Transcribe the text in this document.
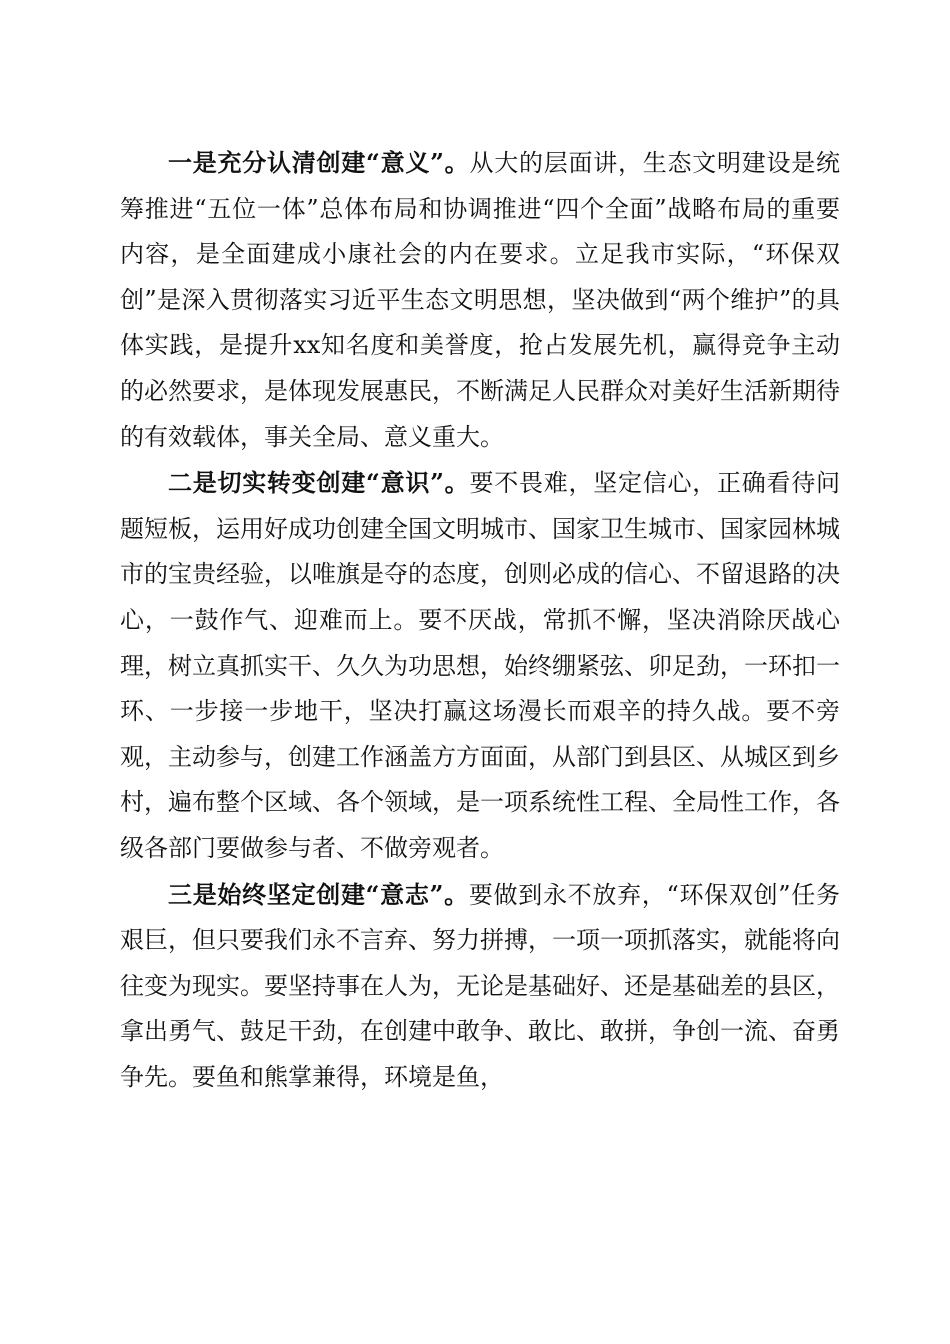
一是充分认清创建“意义”。从大的层面讲，生态文明建设是统筹推进“五位一体”总体布局和协调推进“四个全面”战略布局的重要内容，是全面建成小康社会的内在要求。立足我市实际，“环保双创”是深入贯彻落实习近平生态文明思想，坚决做到“两个维护”的具体实践，是提升xx知名度和美誉度，抢占发展先机，赢得竞争主动的必然要求，是体现发展惠民，不断满足人民群众对美好生活新期待的有效载体，事关全局、意义重大。

二是切实转变创建“意识”。要不畏难，坚定信心，正确看待问题短板，运用好成功创建全国文明城市、国家卫生城市、国家园林城市的宝贵经验，以唯旗是夺的态度，创则必成的信心、不留退路的决心，一鼓作气、迎难而上。要不厌战，常抓不懈，坚决消除厌战心理，树立真抓实干、久久为功思想，始终绷紧弦、卯足劲，一环扣一环、一步接一步地干，坚决打赢这场漫长而艰辛的持久战。要不旁观，主动参与，创建工作涵盖方方面面，从部门到县区、从城区到乡村，遍布整个区域、各个领域，是一项系统性工程、全局性工作，各级各部门要做参与者、不做旁观者。

三是始终坚定创建“意志”。要做到永不放弃，“环保双创”任务艰巨，但只要我们永不言弃、努力拼搏，一项一项抓落实，就能将向往变为现实。要坚持事在人为，无论是基础好、还是基础差的县区，拿出勇气、鼓足干劲，在创建中敢争、敢比、敢拼，争创一流、奋勇争先。要鱼和熊掌兼得，环境是鱼，
